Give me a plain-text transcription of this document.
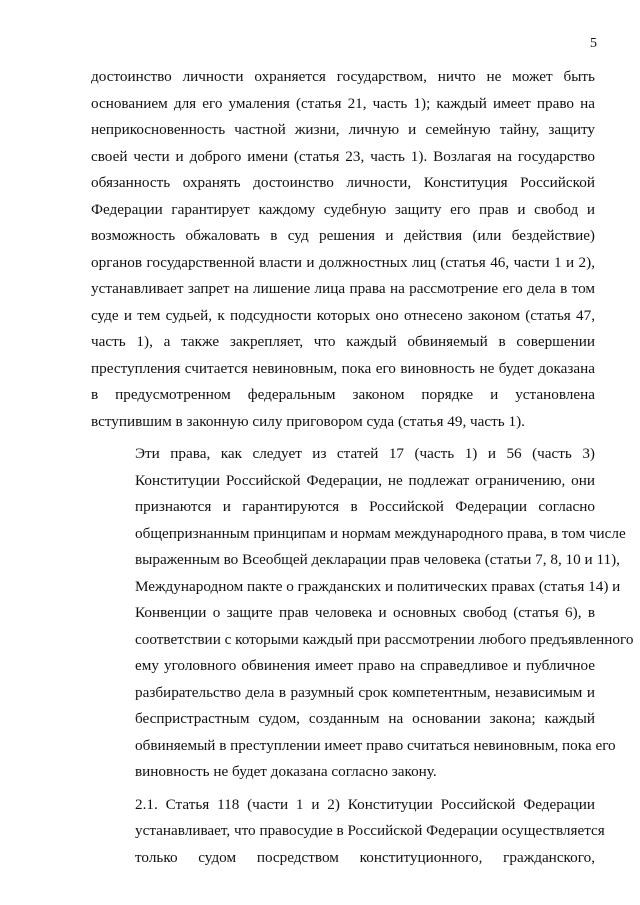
5

достоинство личности охраняется государством, ничто не может быть
основанием для его умаления (статья 21, часть 1); каждый имеет право на
неприкосновенность частной жизни, личную и семейную тайну, защиту
своей чести и доброго имени (статья 23, часть 1). Возлагая на государство
обязанность охранять достоинство личности, Конституция Российской
Федерации гарантирует каждому судебную защиту его прав и свобод и
возможность обжаловать в суд решения и действия (или бездействие)
органов государственной власти и должностных лиц (статья 46, части 1 и 2),
устанавливает запрет на лишение лица права на рассмотрение его дела в том
суде и тем судьей, к подсудности которых оно отнесено законом (статья 47,
часть 1), а также закрепляет, что каждый обвиняемый в совершении
преступления считается невиновным, пока его виновность не будет доказана
в предусмотренном федеральным законом порядке и установлена
вступившим в законную силу приговором суда (статья 49, часть 1).

Эти права, как следует из статей 17 (часть 1) и 56 (часть 3)
Конституции Российской Федерации, не подлежат ограничению, они
признаются и гарантируются в Российской Федерации согласно
общепризнанным принципам и нормам международного права, в том числе
выраженным во Всеобщей декларации прав человека (статьи 7, 8, 10 и 11),
Международном пакте о гражданских и политических правах (статья 14) и
Конвенции о защите прав человека и основных свобод (статья 6), в
соответствии с которыми каждый при рассмотрении любого предъявленного
ему уголовного обвинения имеет право на справедливое и публичное
разбирательство дела в разумный срок компетентным, независимым и
беспристрастным судом, созданным на основании закона; каждый
обвиняемый в преступлении имеет право считаться невиновным, пока его
виновность не будет доказана согласно закону.

2.1. Статья 118 (части 1 и 2) Конституции Российской Федерации
устанавливает, что правосудие в Российской Федерации осуществляется
только судом посредством конституционного, гражданского,
